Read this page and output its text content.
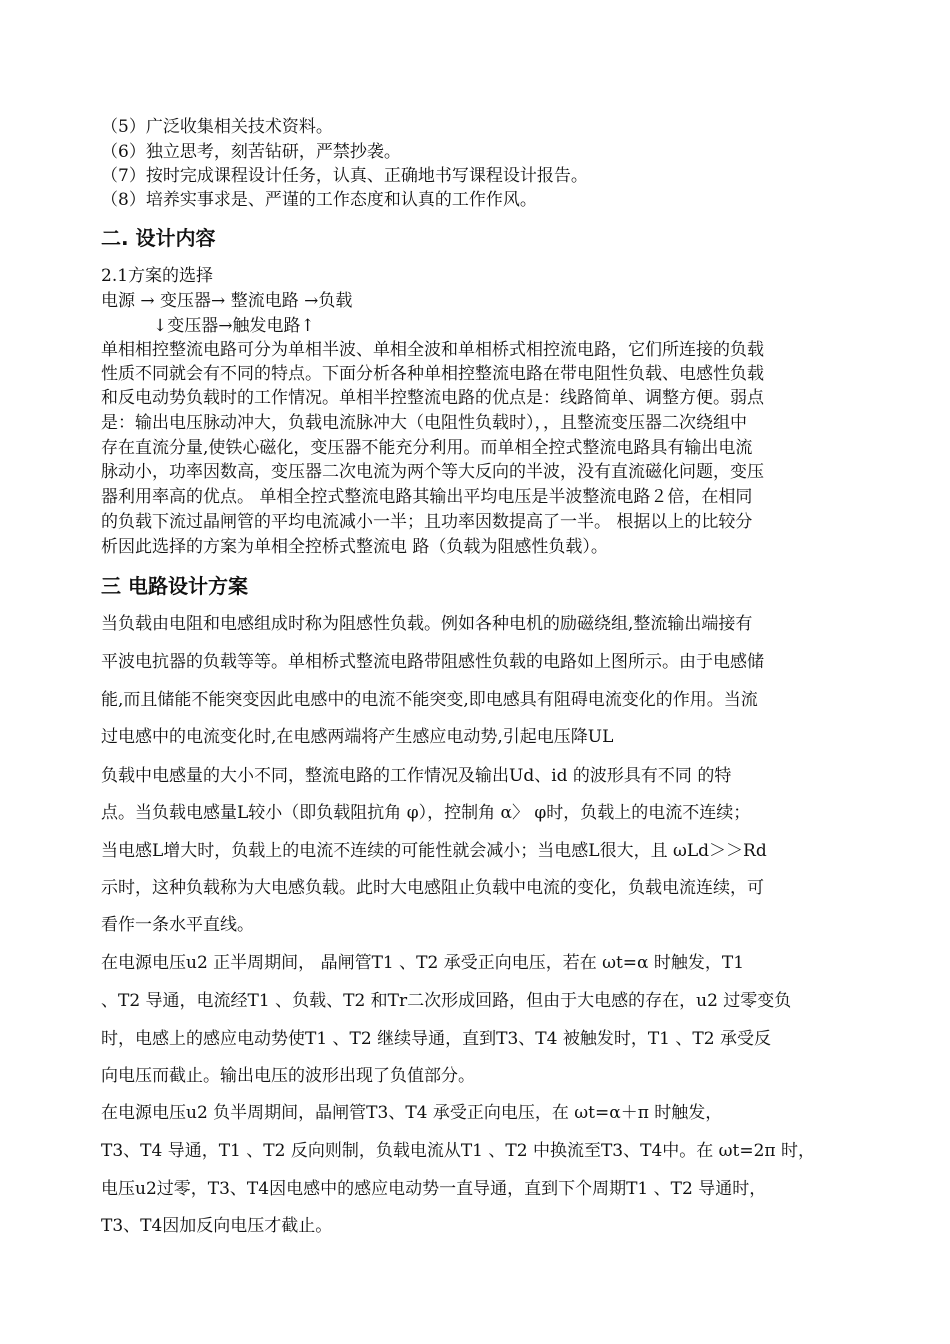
（5）广泛收集相关技术资料。
（6）独立思考，刻苦钻研，严禁抄袭。
（7）按时完成课程设计任务，认真、正确地书写课程设计报告。
（8）培养实事求是、严谨的工作态度和认真的工作作风。
二. 设计内容
2.1方案的选择
电源 → 变压器→ 整流电路 →负载
↓变压器→触发电路↑
单相相控整流电路可分为单相半波、单相全波和单相桥式相控流电路，它们所连接的负载
性质不同就会有不同的特点。下面分析各种单相控整流电路在带电阻性负载、电感性负载
和反电动势负载时的工作情况。单相半控整流电路的优点是：线路简单、调整方便。弱点
是：输出电压脉动冲大，负载电流脉冲大（电阻性负载时），，且整流变压器二次绕组中
存在直流分量,使铁心磁化，变压器不能充分利用。而单相全控式整流电路具有输出电流
脉动小，功率因数高，变压器二次电流为两个等大反向的半波，没有直流磁化问题，变压
器利用率高的优点。 单相全控式整流电路其输出平均电压是半波整流电路２倍，在相同
的负载下流过晶闸管的平均电流减小一半；且功率因数提高了一半。 根据以上的比较分
析因此选择的方案为单相全控桥式整流电 路（负载为阻感性负载）。
三 电路设计方案
当负载由电阻和电感组成时称为阻感性负载。例如各种电机的励磁绕组,整流输出端接有
平波电抗器的负载等等。单相桥式整流电路带阻感性负载的电路如上图所示。由于电感储
能,而且储能不能突变因此电感中的电流不能突变,即电感具有阻碍电流变化的作用。当流
过电感中的电流变化时,在电感两端将产生感应电动势,引起电压降UL
负载中电感量的大小不同，整流电路的工作情况及输出Ud、id 的波形具有不同 的特
点。当负载电感量L较小（即负载阻抗角 φ），控制角 α〉 φ时，负载上的电流不连续；
当电感L增大时，负载上的电流不连续的可能性就会减小；当电感L很大，且 ωLd＞＞Rd
示时，这种负载称为大电感负载。此时大电感阻止负载中电流的变化，负载电流连续，可
看作一条水平直线。
在电源电压u2 正半周期间， 晶闸管T1 、T2 承受正向电压，若在 ωt=α 时触发，T1
、T2 导通，电流经T1 、负载、T2 和Tr二次形成回路，但由于大电感的存在，u2 过零变负
时，电感上的感应电动势使T1 、T2 继续导通，直到T3、T4 被触发时，T1 、T2 承受反
向电压而截止。输出电压的波形出现了负值部分。
在电源电压u2 负半周期间，晶闸管T3、T4 承受正向电压，在 ωt=α＋π 时触发，
T3、T4 导通，T1 、T2 反向则制，负载电流从T1 、T2 中换流至T3、T4中。在 ωt=2π 时，
电压u2过零，T3、T4因电感中的感应电动势一直导通，直到下个周期T1 、T2 导通时，
T3、T4因加反向电压才截止。
